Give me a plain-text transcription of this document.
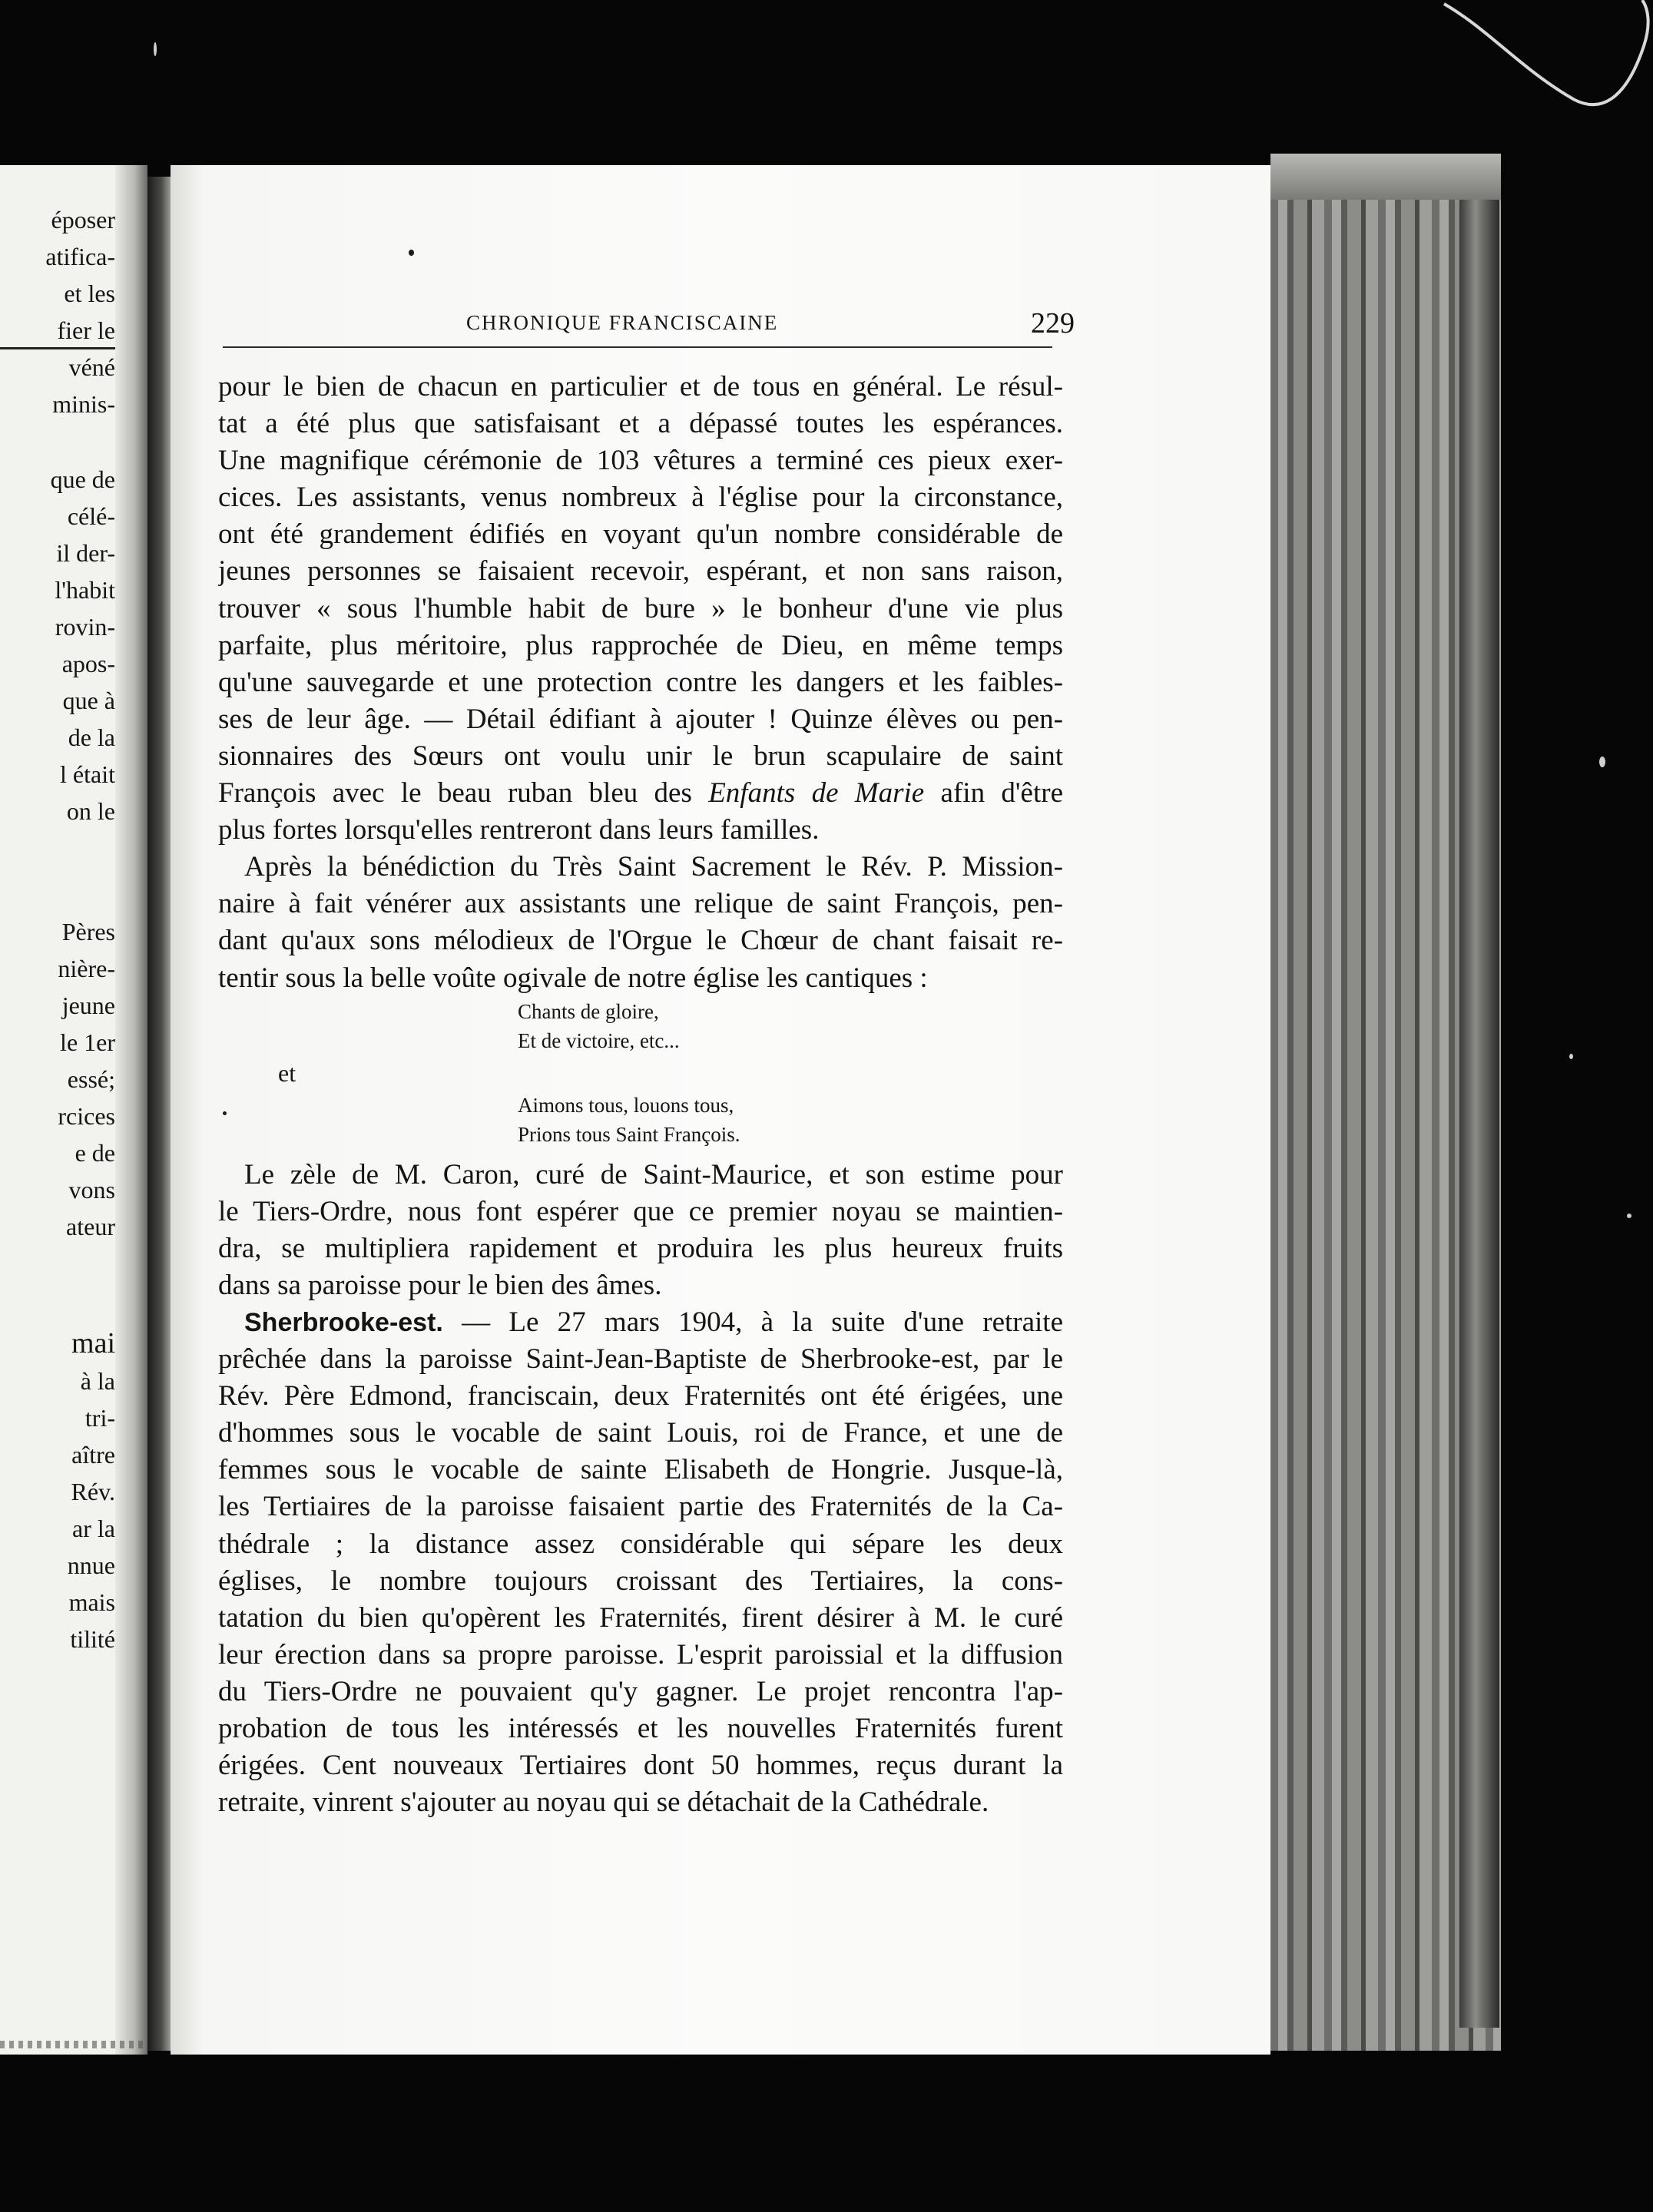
époser
atifica-
et les
fier le
véné
minis-
que de
célé-
il der-
l'habit
rovin-
apos-
que à
de la
l était
on le
Pères
nière-
jeune
le 1er
essé;
rcices
e de
vons
ateur
mai
à la
tri-
aître
Rév.
ar la
nnue
mais
tilité
CHRONIQUE FRANCISCAINE	229
pour le bien de chacun en particulier et de tous en général. Le résul-
tat a été plus que satisfaisant et a dépassé toutes les espérances.
Une magnifique cérémonie de 103 vêtures a terminé ces pieux exer-
cices. Les assistants, venus nombreux à l'église pour la circonstance,
ont été grandement édifiés en voyant qu'un nombre considérable de
jeunes personnes se faisaient recevoir, espérant, et non sans raison,
trouver « sous l'humble habit de bure » le bonheur d'une vie plus
parfaite, plus méritoire, plus rapprochée de Dieu, en même temps
qu'une sauvegarde et une protection contre les dangers et les faibles-
ses de leur âge. — Détail édifiant à ajouter ! Quinze élèves ou pen-
sionnaires des Sœurs ont voulu unir le brun scapulaire de saint
François avec le beau ruban bleu des Enfants de Marie afin d'être
plus fortes lorsqu'elles rentreront dans leurs familles.
Après la bénédiction du Très Saint Sacrement le Rév. P. Mission-
naire à fait vénérer aux assistants une relique de saint François, pen-
dant qu'aux sons mélodieux de l'Orgue le Chœur de chant faisait re-
tentir sous la belle voûte ogivale de notre église les cantiques :
Chants de gloire,
Et de victoire, etc...
et
Aimons tous, louons tous,
Prions tous Saint François.
Le zèle de M. Caron, curé de Saint-Maurice, et son estime pour
le Tiers-Ordre, nous font espérer que ce premier noyau se maintien-
dra, se multipliera rapidement et produira les plus heureux fruits
dans sa paroisse pour le bien des âmes.
Sherbrooke-est. — Le 27 mars 1904, à la suite d'une retraite
prêchée dans la paroisse Saint-Jean-Baptiste de Sherbrooke-est, par le
Rév. Père Edmond, franciscain, deux Fraternités ont été érigées, une
d'hommes sous le vocable de saint Louis, roi de France, et une de
femmes sous le vocable de sainte Elisabeth de Hongrie. Jusque-là,
les Tertiaires de la paroisse faisaient partie des Fraternités de la Ca-
thédrale ; la distance assez considérable qui sépare les deux
églises, le nombre toujours croissant des Tertiaires, la cons-
tatation du bien qu'opèrent les Fraternités, firent désirer à M. le curé
leur érection dans sa propre paroisse. L'esprit paroissial et la diffusion
du Tiers-Ordre ne pouvaient qu'y gagner. Le projet rencontra l'ap-
probation de tous les intéressés et les nouvelles Fraternités furent
érigées. Cent nouveaux Tertiaires dont 50 hommes, reçus durant la
retraite, vinrent s'ajouter au noyau qui se détachait de la Cathédrale.
